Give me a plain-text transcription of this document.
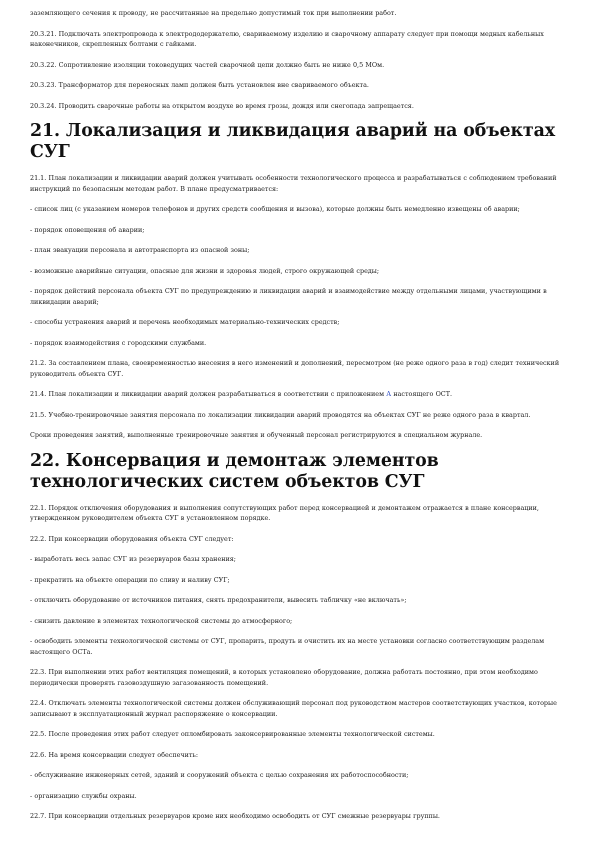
заземляющего сечения к проводу, не рассчитанные на предельно допустимый ток при выполнении работ.

20.3.21. Подключать электропровода к электрододержателю, свариваемому изделию и сварочному аппарату следует при помощи медных кабельных наконечников, скрепленных болтами с гайками.

20.3.22. Сопротивление изоляции токоведущих частей сварочной цепи должно быть не ниже 0,5 МОм.

20.3.23. Трансформатор для переносных ламп должен быть установлен вне свариваемого объекта.

20.3.24. Проводить сварочные работы на открытом воздухе во время грозы, дождя или снегопада запрещается.

21. Локализация и ликвидация аварий на объектах СУГ

21.1. План локализации и ликвидации аварий должен учитывать особенности технологического процесса и разрабатываться с соблюдением требований инструкций по безопасным методам работ. В плане предусматривается:

- список лиц (с указанием номеров телефонов и других средств сообщения и вызова), которые должны быть немедленно извещены об аварии;

- порядок оповещения об аварии;

- план эвакуации персонала и автотранспорта из опасной зоны;

- возможные аварийные ситуации, опасные для жизни и здоровья людей, строго окружающей среды;

- порядок действий персонала объекта СУГ по предупреждению и ликвидации аварий и взаимодействие между отдельными лицами, участвующими в ликвидации аварий;

- способы устранения аварий и перечень необходимых материально-технических средств;

- порядок взаимодействия с городскими службами.

21.2. За составлением плана, своевременностью внесения в него изменений и дополнений, пересмотром (не реже одного раза в год) следит технический руководитель объекта СУГ.

21.4. План локализации и ликвидации аварий должен разрабатываться в соответствии с приложением А настоящего ОСТ.

21.5. Учебно-тренировочные занятия персонала по локализации ликвидации аварий проводятся на объектах СУГ не реже одного раза в квартал.

Сроки проведения занятий, выполненные тренировочные занятия и обученный персонал регистрируются в специальном журнале.

22. Консервация и демонтаж элементов технологических систем объектов СУГ

22.1. Порядок отключения оборудования и выполнения сопутствующих работ перед консервацией и демонтажем отражается в плане консервации, утвержденном руководителем объекта СУГ в установленном порядке.

22.2. При консервации оборудования объекта СУГ следует:

- выработать весь запас СУГ из резервуаров базы хранения;

- прекратить на объекте операции по сливу и наливу СУГ;

- отключить оборудование от источников питания, снять предохранители, вывесить табличку «не включать»;

- снизить давление в элементах технологической системы до атмосферного;

- освободить элементы технологической системы от СУГ, пропарить, продуть и очистить их на месте установки согласно соответствующим разделам настоящего ОСТа.

22.3. При выполнении этих работ вентиляция помещений, в которых установлено оборудование, должна работать постоянно, при этом необходимо периодически проверять газовоздушную загазованность помещений.

22.4. Отключать элементы технологической системы должен обслуживающий персонал под руководством мастеров соответствующих участков, которые записывают в эксплуатационный журнал распоряжение о консервации.

22.5. После проведения этих работ следует опломбировать законсервированные элементы технологической системы.

22.6. На время консервации следует обеспечить:

- обслуживание инженерных сетей, зданий и сооружений объекта с целью сохранения их работоспособности;

- организацию службы охраны.

22.7. При консервации отдельных резервуаров кроме них необходимо освободить от СУГ смежные резервуары группы.
